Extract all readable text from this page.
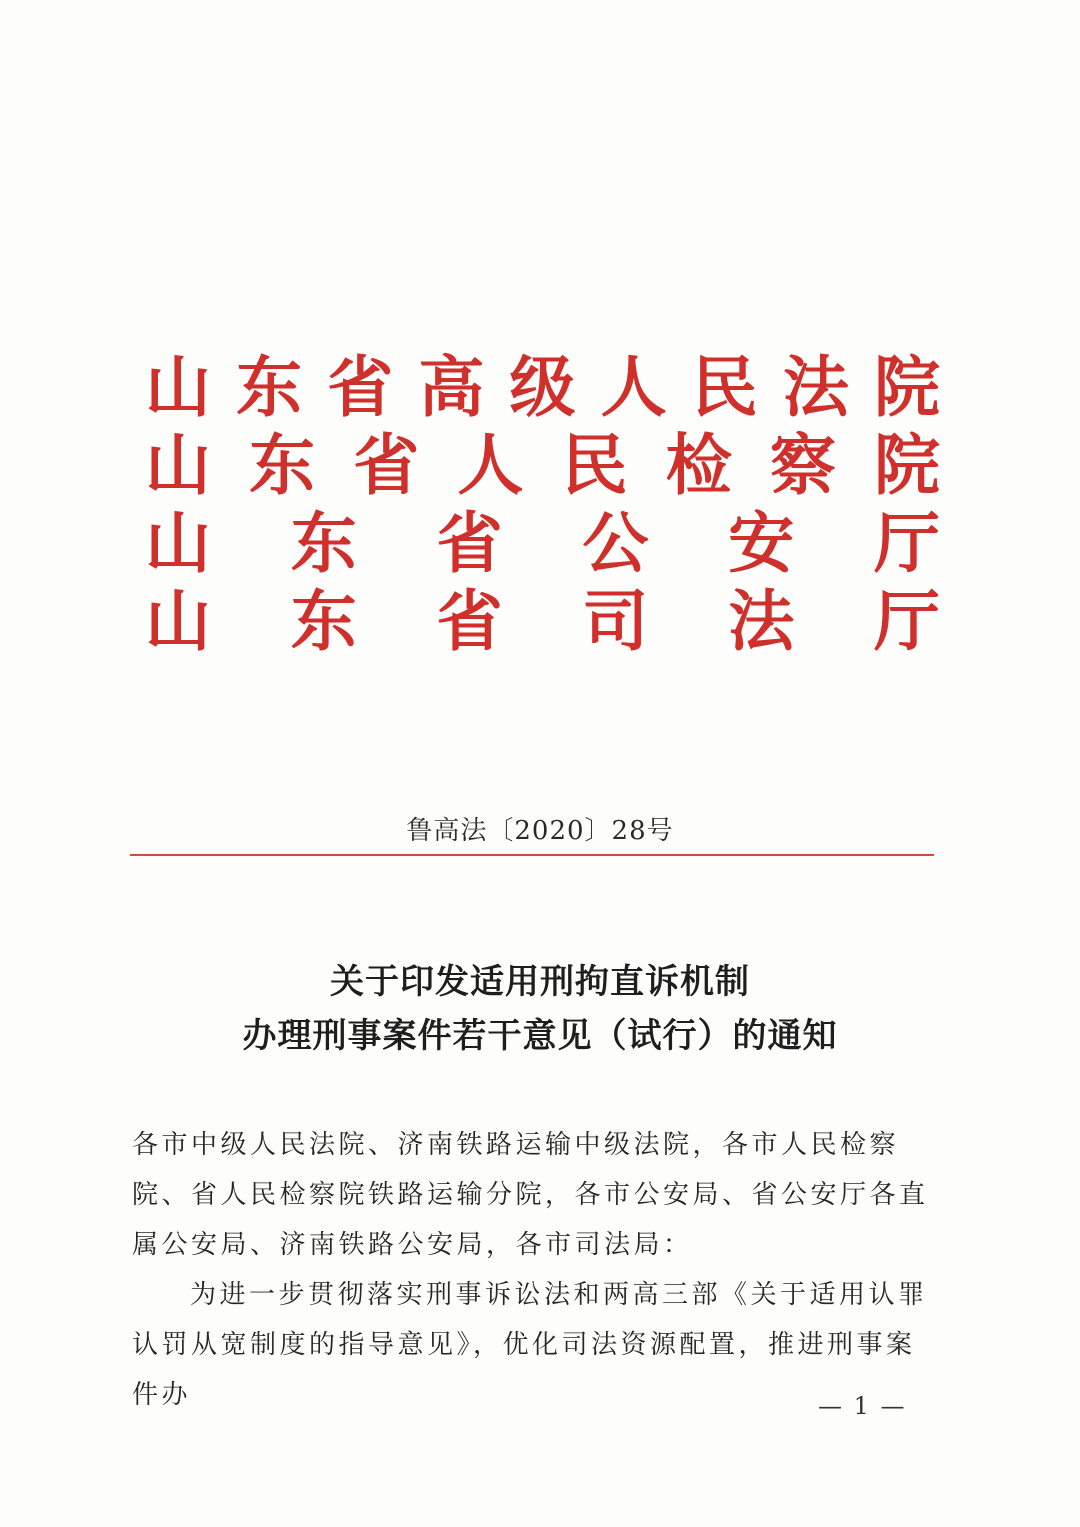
山 东 省 高 级 人 民 法 院
山 东 省 人 民 检 察 院
山 东 省 公 安 厅
山 东 省 司 法 厅
鲁高法〔2020〕28号
关于印发适用刑拘直诉机制
办理刑事案件若干意见（试行）的通知

各市中级人民法院、济南铁路运输中级法院，各市人民检察院、省人民检察院铁路运输分院，各市公安局、省公安厅各直属公安局、济南铁路公安局，各市司法局：

为进一步贯彻落实刑事诉讼法和两高三部《关于适用认罪认罚从宽制度的指导意见》，优化司法资源配置，推进刑事案件办	— 1 —
